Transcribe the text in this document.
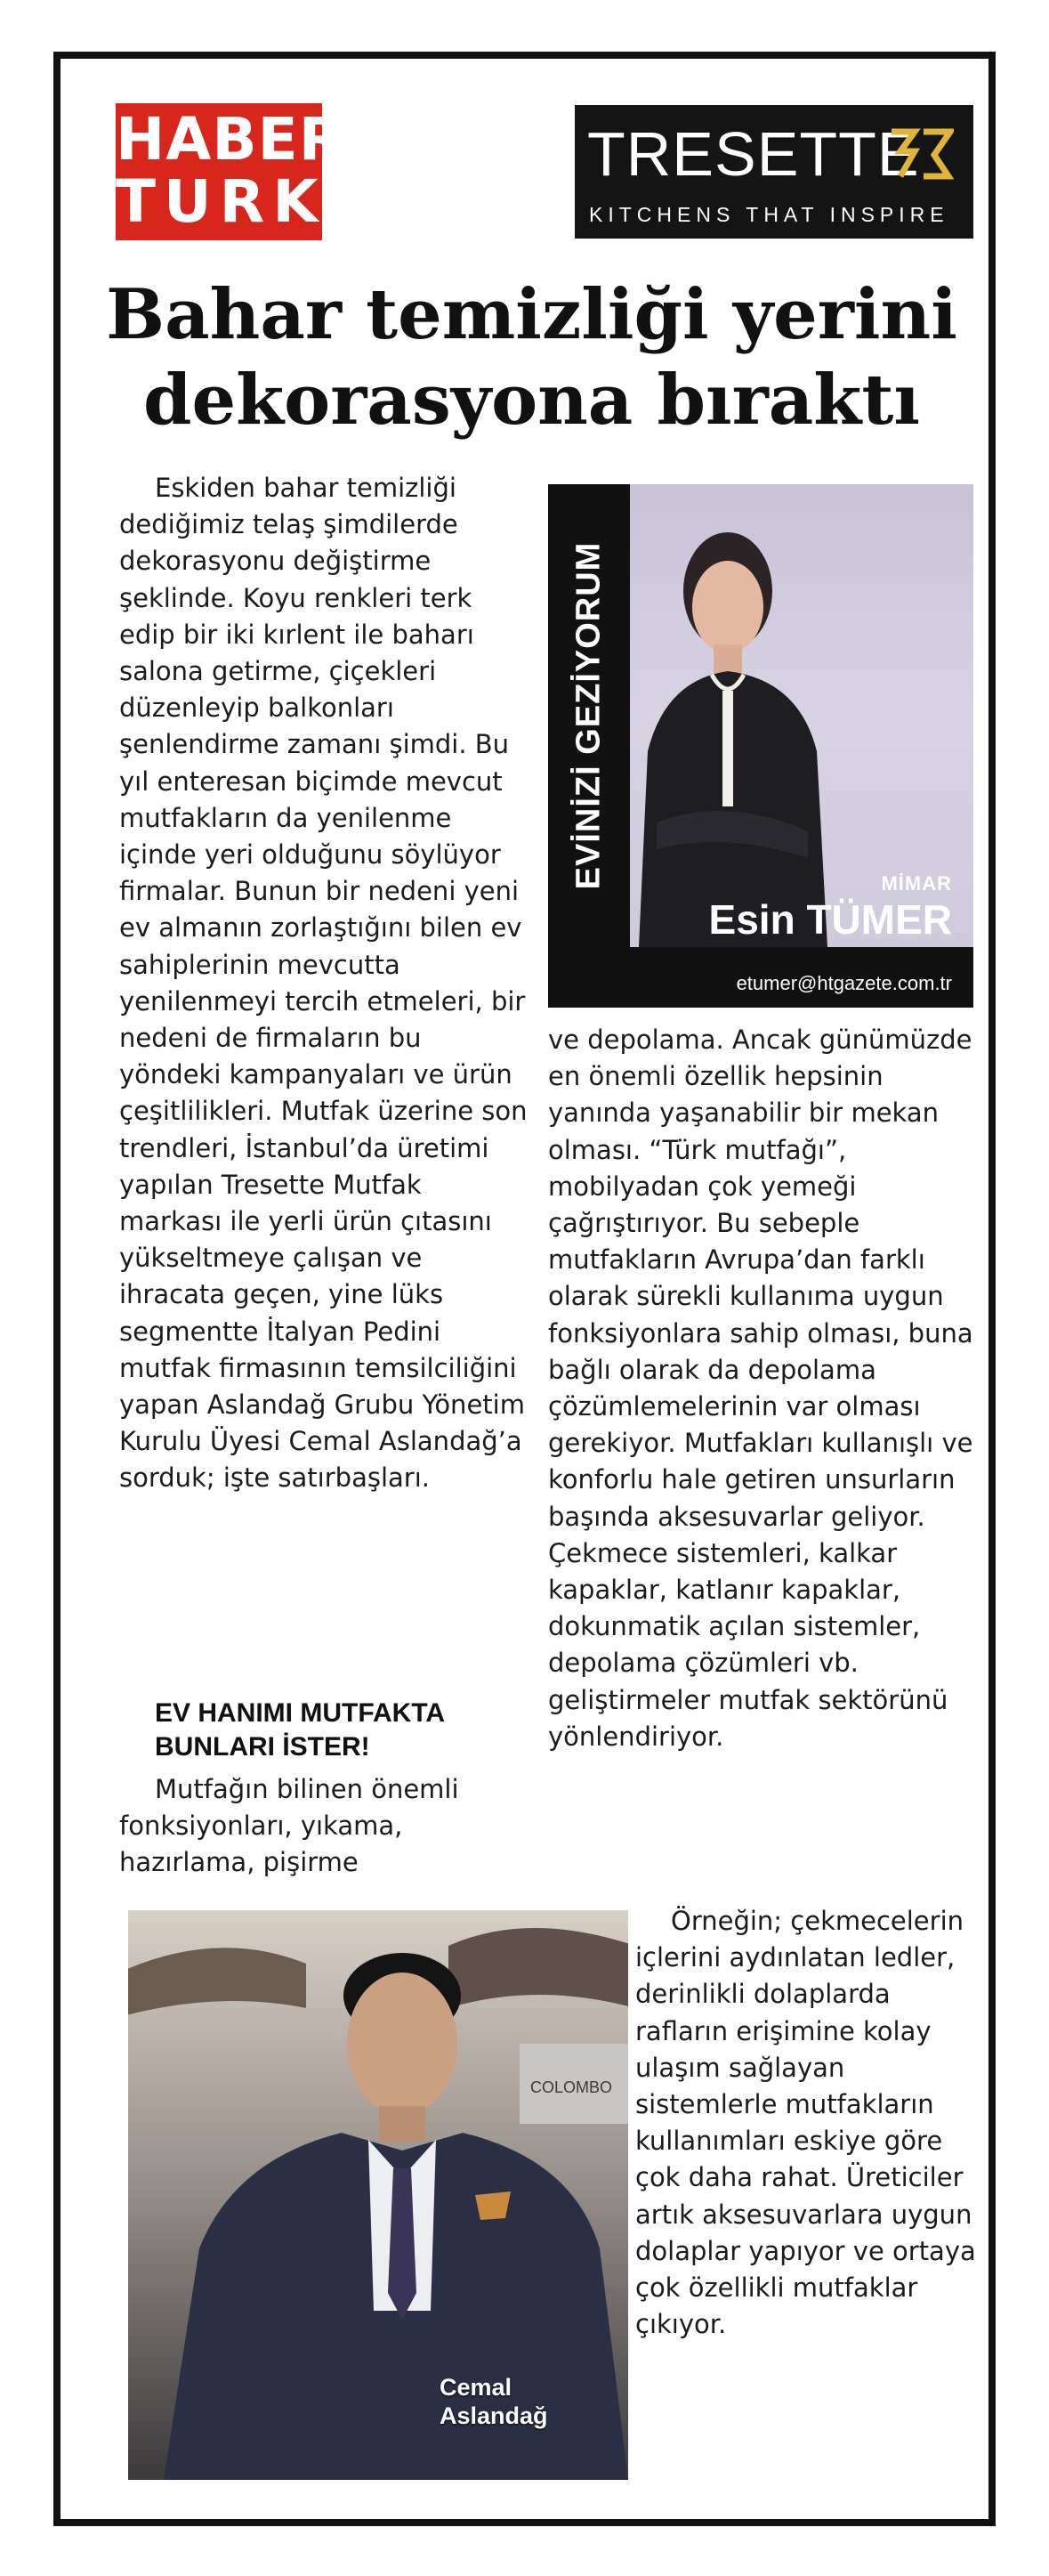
HABER
TURK
TRESETTE
KITCHENS THAT INSPIRE
Bahar temizliği yerini
dekorasyona bıraktı

Eskiden bahar temizliği dediğimiz telaş şimdilerde dekorasyonu değiştirme şeklinde. Koyu renkleri terk edip bir iki kırlent ile baharı salona getirme, çiçekleri düzenleyip balkonları şenlendirme zamanı şimdi. Bu yıl enteresan biçimde mevcut mutfakların da yenilenme içinde yeri olduğunu söylüyor firmalar. Bunun bir nedeni yeni ev almanın zorlaştığını bilen ev sahiplerinin mevcutta yenilenmeyi tercih etmeleri, bir nedeni de firmaların bu yöndeki kampanyaları ve ürün çeşitlilikleri. Mutfak üzerine son trendleri, İstanbul’da üretimi yapılan Tresette Mutfak markası ile yerli ürün çıtasını yükseltmeye çalışan ve ihracata geçen, yine lüks segmentte İtalyan Pedini mutfak firmasının temsilciliğini yapan Aslandağ Grubu Yönetim Kurulu Üyesi Cemal Aslandağ’a sorduk; işte satırbaşları.

EV HANIMI MUTFAKTA BUNLARI İSTER!

Mutfağın bilinen önemli fonksiyonları, yıkama, hazırlama, pişirme

EVİNİZİ GEZİYORUM	MİMAR
Esin TÜMER
etumer@htgazete.com.tr

ve depolama. Ancak günümüzde en önemli özellik hepsinin yanında yaşanabilir bir mekan olması. “Türk mutfağı”, mobilyadan çok yemeği çağrıştırıyor. Bu sebeple mutfakların Avrupa’dan farklı olarak sürekli kullanıma uygun fonksiyonlara sahip olması, buna bağlı olarak da depolama çözümlemelerinin var olması gerekiyor. Mutfakları kullanışlı ve konforlu hale getiren unsurların başında aksesuvarlar geliyor. Çekmece sistemleri, kalkar kapaklar, katlanır kapaklar, dokunmatik açılan sistemler, depolama çözümleri vb. geliştirmeler mutfak sektörünü yönlendiriyor.

Örneğin; çekmecelerin içlerini aydınlatan ledler, derinlikli dolaplarda rafların erişimine kolay ulaşım sağlayan sistemlerle mutfakların kullanımları eskiye göre çok daha rahat. Üreticiler artık aksesuvarlara uygun dolaplar yapıyor ve ortaya çok özellikli mutfaklar çıkıyor.

COLOMBO
Cemal
Aslandağ
